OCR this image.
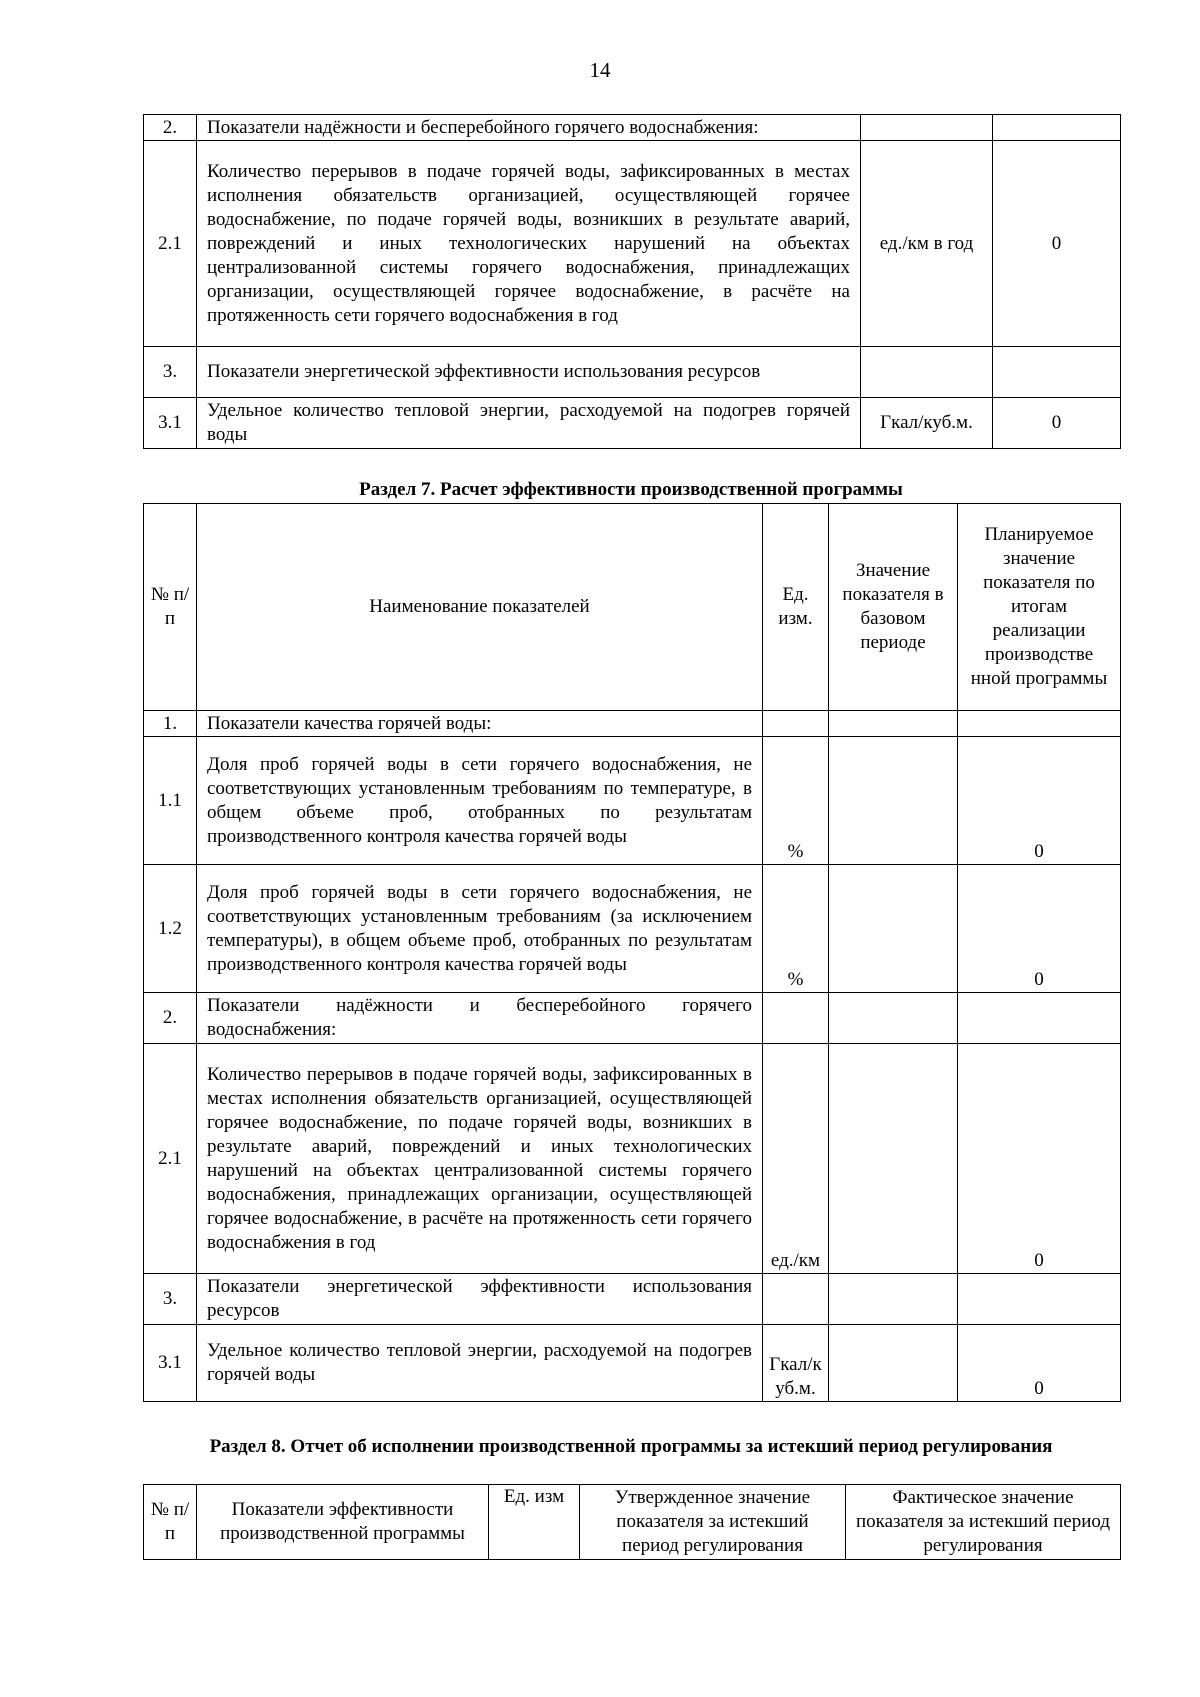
14
2.	Показатели надёжности и бесперебойного горячего водоснабжения:		
2.1	Количество перерывов в подаче горячей воды, зафиксированных в местах исполнения обязательств организацией, осуществляющей горячее водоснабжение, по подаче горячей воды, возникших в результате аварий, повреждений и иных технологических нарушений на объектах централизованной системы горячего водоснабжения, принадлежащих организации, осуществляющей горячее водоснабжение, в расчёте на протяженность сети горячего водоснабжения в год	ед./км в год	0
3.	Показатели энергетической эффективности использования ресурсов		
3.1	Удельное количество тепловой энергии, расходуемой на подогрев горячей воды	Гкал/куб.м.	0
Раздел 7. Расчет эффективности производственной программы
№ п/п	Наименование показателей	Ед. изм.	Значение показателя в базовом периоде	Планируемое значение показателя по итогам реализации производстве нной программы
1.	Показатели качества горячей воды:			
1.1	Доля проб горячей воды в сети горячего водоснабжения, не соответствующих установленным требованиям по температуре, в общем объеме проб, отобранных по результатам производственного контроля качества горячей воды	%		0
1.2	Доля проб горячей воды в сети горячего водоснабжения, не соответствующих установленным требованиям (за исключением температуры), в общем объеме проб, отобранных по результатам производственного контроля качества горячей воды	%		0
2.	Показатели надёжности и бесперебойного горячего водоснабжения:			
2.1	Количество перерывов в подаче горячей воды, зафиксированных в местах исполнения обязательств организацией, осуществляющей горячее водоснабжение, по подаче горячей воды, возникших в результате аварий, повреждений и иных технологических нарушений на объектах централизованной системы горячего водоснабжения, принадлежащих организации, осуществляющей горячее водоснабжение, в расчёте на протяженность сети горячего водоснабжения в год	ед./км		0
3.	Показатели энергетической эффективности использования ресурсов			
3.1	Удельное количество тепловой энергии, расходуемой на подогрев горячей воды	Гкал/куб.м.		0
Раздел 8. Отчет об исполнении производственной программы за истекший период регулирования
№ п/п	Показатели эффективности производственной программы	Ед. изм	Утвержденное значение показателя за истекший период регулирования	Фактическое значение показателя за истекший период регулирования
